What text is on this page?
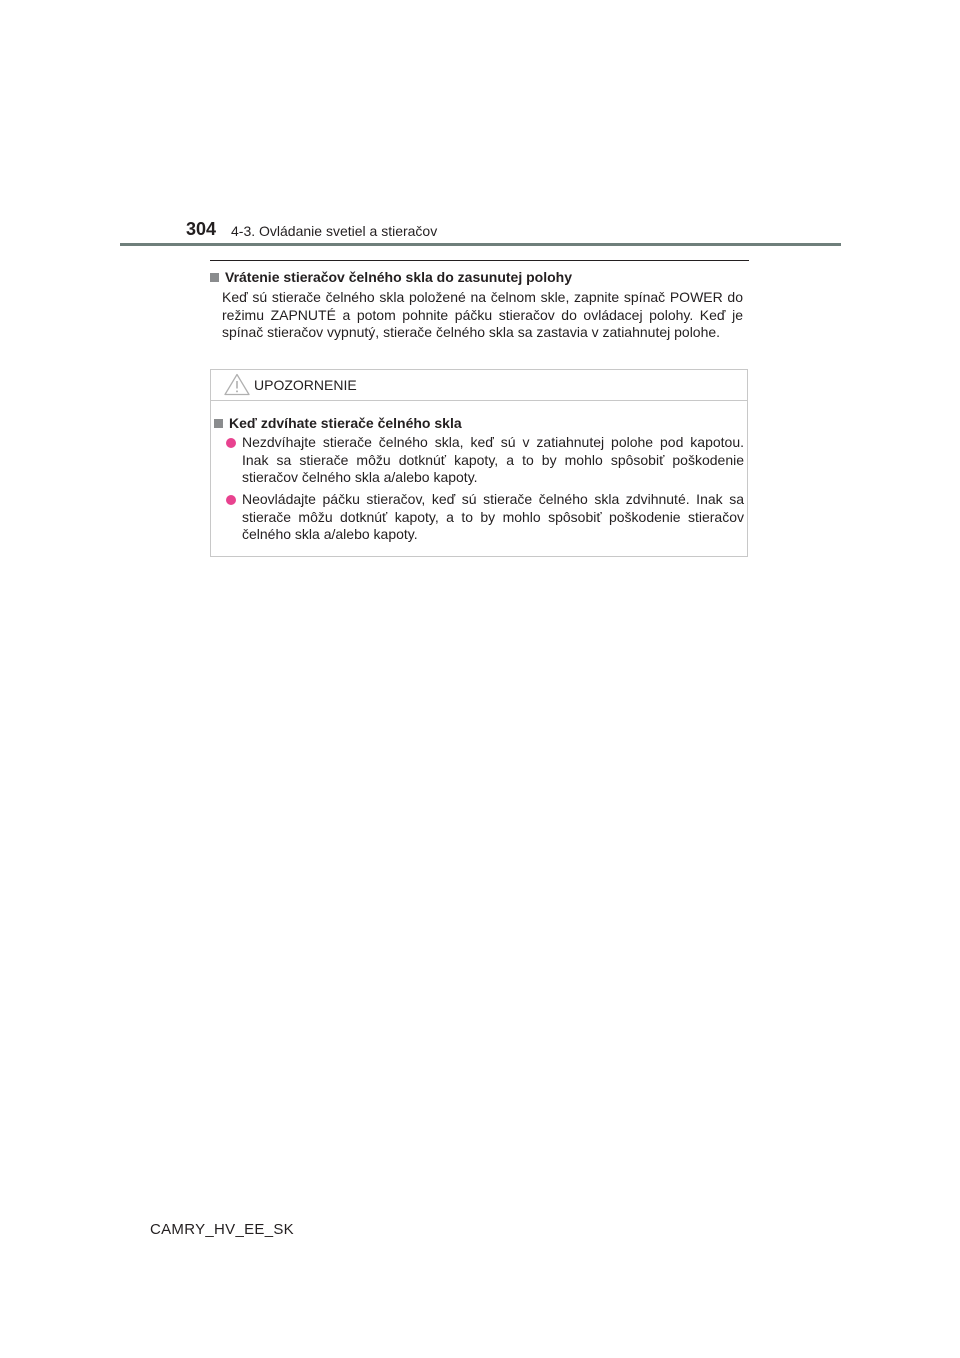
304 4-3. Ovládanie svetiel a stieračov
Vrátenie stieračov čelného skla do zasunutej polohy

Keď sú stierače čelného skla položené na čelnom skle, zapnite spínač POWER do režimu ZAPNUTÉ a potom pohnite páčku stieračov do ovládacej polohy. Keď je spínač stieračov vypnutý, stierače čelného skla sa zastavia v zatiahnutej polohe.

UPOZORNENIE
Keď zdvíhate stierače čelného skla
Nezdvíhajte stierače čelného skla, keď sú v zatiahnutej polohe pod kapotou. Inak sa stierače môžu dotknúť kapoty, a to by mohlo spôsobiť poškodenie stieračov čelného skla a/alebo kapoty.
Neovládajte páčku stieračov, keď sú stierače čelného skla zdvihnuté. Inak sa stierače môžu dotknúť kapoty, a to by mohlo spôsobiť poškodenie stieračov čelného skla a/alebo kapoty.
CAMRY_HV_EE_SK
